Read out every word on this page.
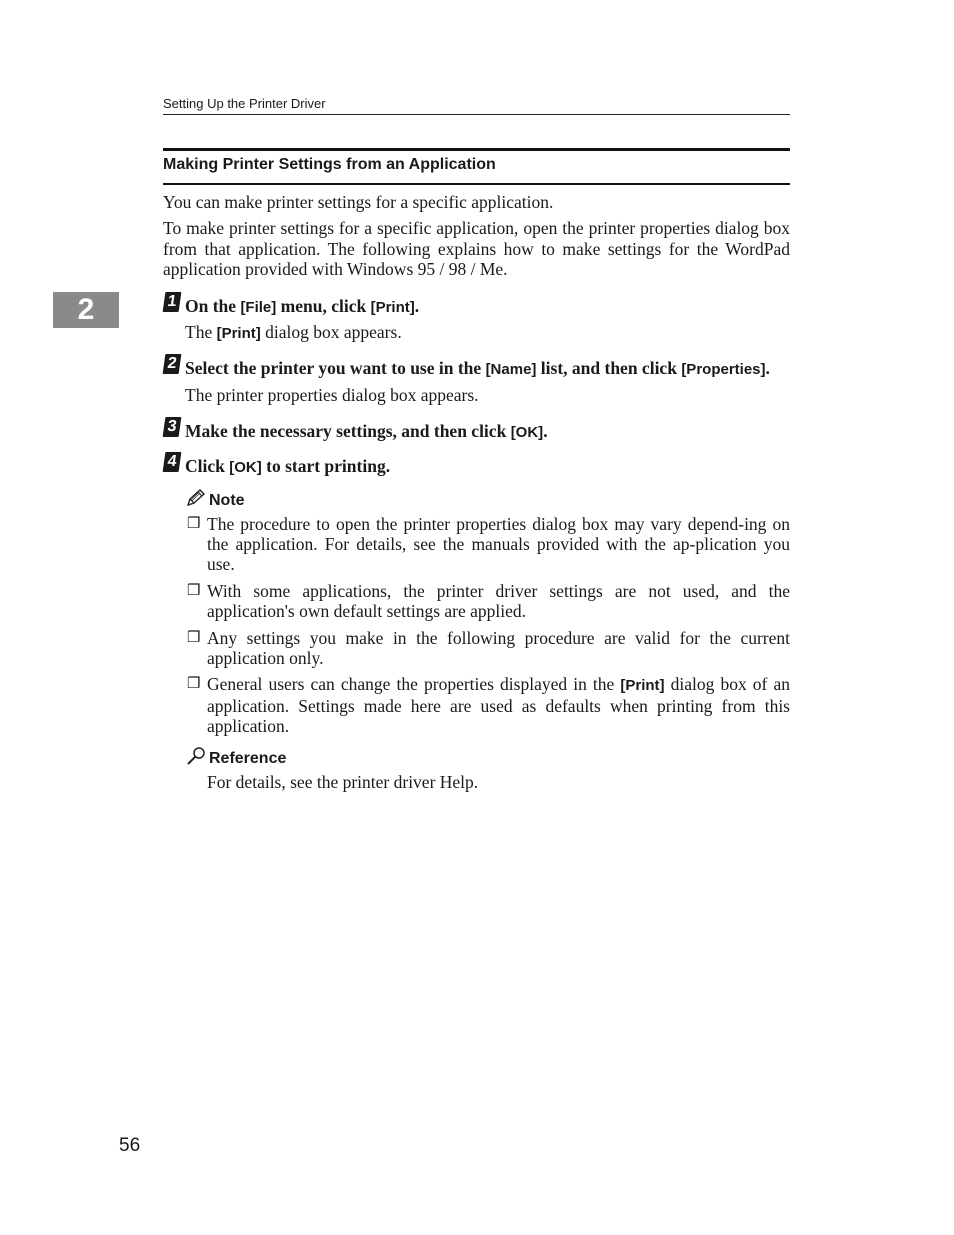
Setting Up the Printer Driver
Making Printer Settings from an Application
You can make printer settings for a specific application.
To make printer settings for a specific application, open the printer properties dialog box from that application. The following explains how to make settings for the WordPad application provided with Windows 95 / 98 / Me.
2	1 On the [File] menu, click [Print].
The [Print] dialog box appears.
2 Select the printer you want to use in the [Name] list, and then click [Properties].
The printer properties dialog box appears.
3 Make the necessary settings, and then click [OK].
4 Click [OK] to start printing.
Note
❒ The procedure to open the printer properties dialog box may vary depend-ing on the application. For details, see the manuals provided with the ap-plication you use.
❒ With some applications, the printer driver settings are not used, and the application's own default settings are applied.
❒ Any settings you make in the following procedure are valid for the current application only.
❒ General users can change the properties displayed in the [Print] dialog box of an application. Settings made here are used as defaults when printing from this application.
Reference
For details, see the printer driver Help.
56
